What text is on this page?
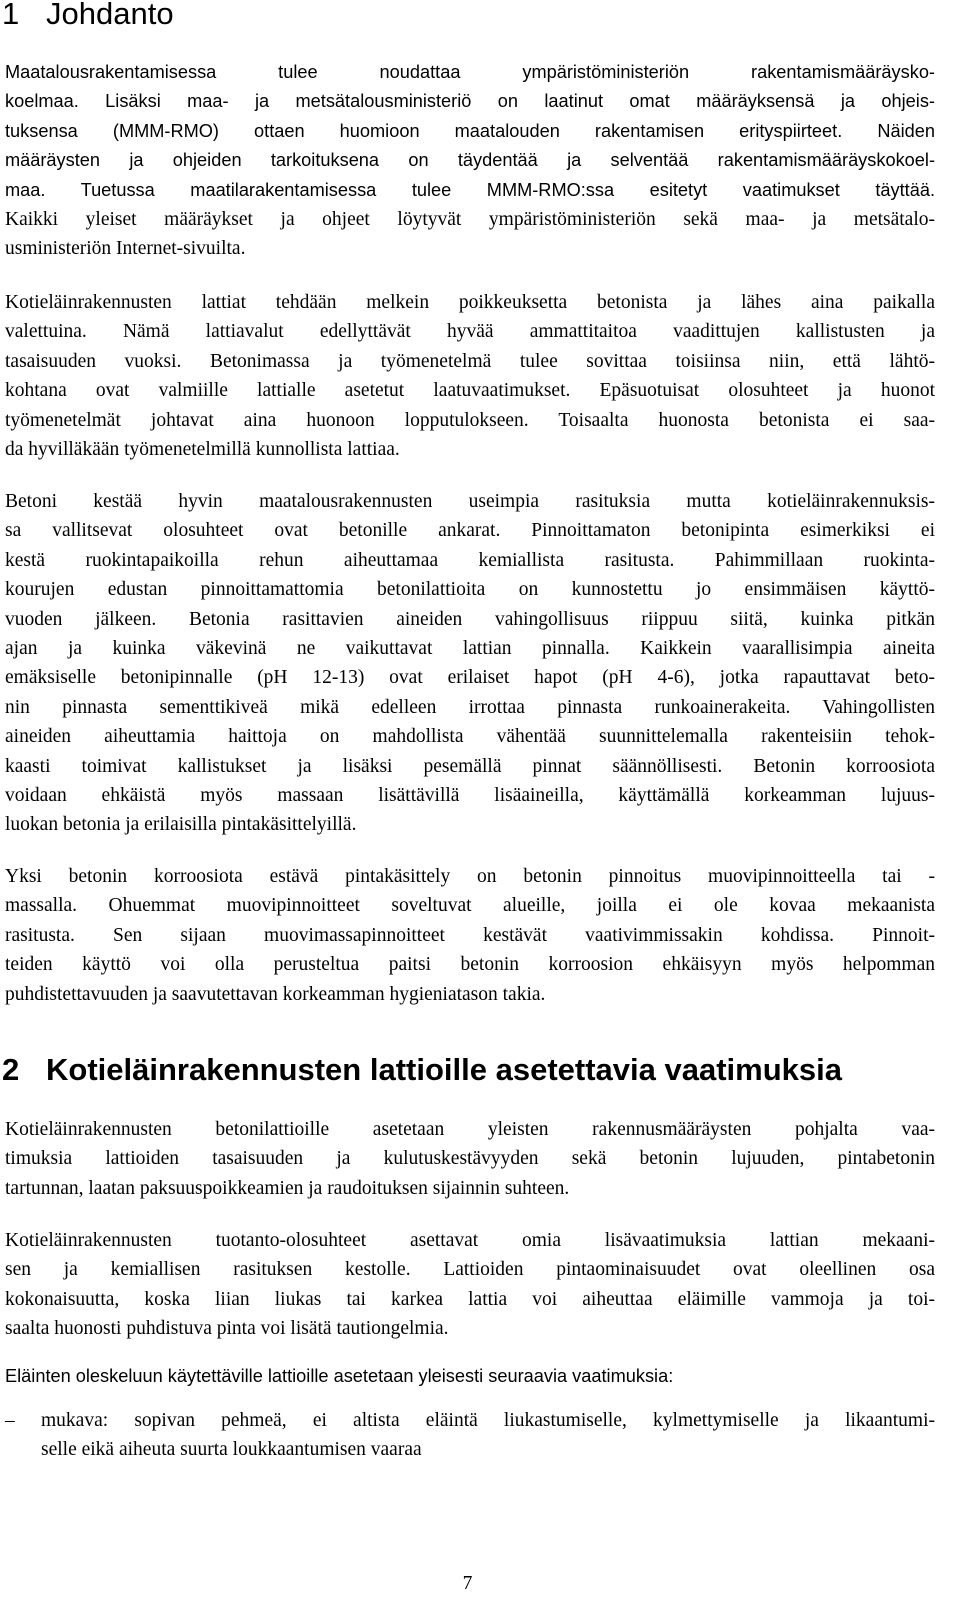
1 Johdanto
Maatalousrakentamisessa tulee noudattaa ympäristöministeriön rakentamismääräysko-
koelmaa. Lisäksi maa- ja metsätalousministeriö on laatinut omat määräyksensä ja ohjeis-
tuksensa (MMM-RMO) ottaen huomioon maatalouden rakentamisen erityspiirteet. Näiden
määräysten ja ohjeiden tarkoituksena on täydentää ja selventää rakentamismääräyskokoel-
maa. Tuetussa maatilarakentamisessa tulee MMM-RMO:ssa esitetyt vaatimukset täyttää.
Kaikki yleiset määräykset ja ohjeet löytyvät ympäristöministeriön sekä maa- ja metsätalo-
usministeriön Internet-sivuilta.
Kotieläinrakennusten lattiat tehdään melkein poikkeuksetta betonista ja lähes aina paikalla
valettuina. Nämä lattiavalut edellyttävät hyvää ammattitaitoa vaadittujen kallistusten ja
tasaisuuden vuoksi. Betonimassa ja työmenetelmä tulee sovittaa toisiinsa niin, että lähtö-
kohtana ovat valmiille lattialle asetetut laatuvaatimukset. Epäsuotuisat olosuhteet ja huonot
työmenetelmät johtavat aina huonoon lopputulokseen. Toisaalta huonosta betonista ei saa-
da hyvilläkään työmenetelmillä kunnollista lattiaa.
Betoni kestää hyvin maatalousrakennusten useimpia rasituksia mutta kotieläinrakennuksis-
sa vallitsevat olosuhteet ovat betonille ankarat. Pinnoittamaton betonipinta esimerkiksi ei
kestä ruokintapaikoilla rehun aiheuttamaa kemiallista rasitusta. Pahimmillaan ruokinta-
kourujen edustan pinnoittamattomia betonilattioita on kunnostettu jo ensimmäisen käyttö-
vuoden jälkeen. Betonia rasittavien aineiden vahingollisuus riippuu siitä, kuinka pitkän
ajan ja kuinka väkevinä ne vaikuttavat lattian pinnalla. Kaikkein vaarallisimpia aineita
emäksiselle betonipinnalle (pH 12-13) ovat erilaiset hapot (pH 4-6), jotka rapauttavat beto-
nin pinnasta sementtikiveä mikä edelleen irrottaa pinnasta runkoainerakeita. Vahingollisten
aineiden aiheuttamia haittoja on mahdollista vähentää suunnittelemalla rakenteisiin tehok-
kaasti toimivat kallistukset ja lisäksi pesemällä pinnat säännöllisesti. Betonin korroosiota
voidaan ehkäistä myös massaan lisättävillä lisäaineilla, käyttämällä korkeamman lujuus-
luokan betonia ja erilaisilla pintakäsittelyillä.
Yksi betonin korroosiota estävä pintakäsittely on betonin pinnoitus muovipinnoitteella tai -
massalla. Ohuemmat muovipinnoitteet soveltuvat alueille, joilla ei ole kovaa mekaanista
rasitusta. Sen sijaan muovimassapinnoitteet kestävät vaativimmissakin kohdissa. Pinnoit-
teiden käyttö voi olla perusteltua paitsi betonin korroosion ehkäisyyn myös helpomman
puhdistettavuuden ja saavutettavan korkeamman hygieniatason takia.
2 Kotieläinrakennusten lattioille asetettavia vaatimuksia
Kotieläinrakennusten betonilattioille asetetaan yleisten rakennusmääräysten pohjalta vaa-
timuksia lattioiden tasaisuuden ja kulutuskestävyyden sekä betonin lujuuden, pintabetonin
tartunnan, laatan paksuuspoikkeamien ja raudoituksen sijainnin suhteen.
Kotieläinrakennusten tuotanto-olosuhteet asettavat omia lisävaatimuksia lattian mekaani-
sen ja kemiallisen rasituksen kestolle. Lattioiden pintaominaisuudet ovat oleellinen osa
kokonaisuutta, koska liian liukas tai karkea lattia voi aiheuttaa eläimille vammoja ja toi-
saalta huonosti puhdistuva pinta voi lisätä tautiongelmia.
Eläinten oleskeluun käytettäville lattioille asetetaan yleisesti seuraavia vaatimuksia:
– mukava: sopivan pehmeä, ei altista eläintä liukastumiselle, kylmettymiselle ja likaantumi-
selle eikä aiheuta suurta loukkaantumisen vaaraa
7
